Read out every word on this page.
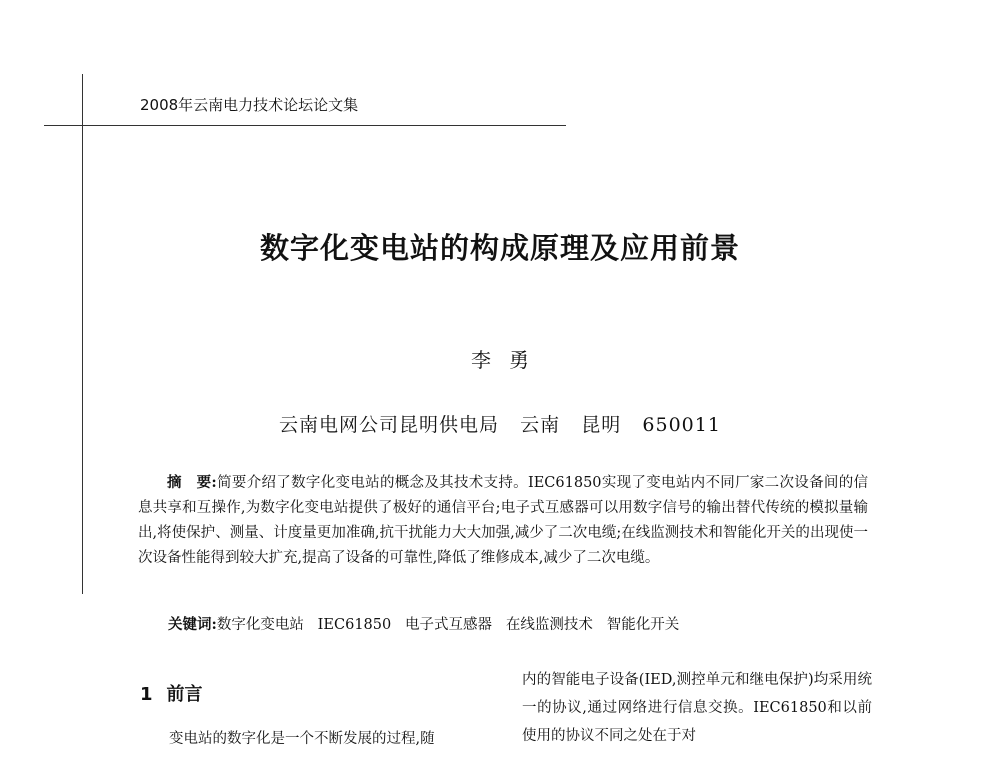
2008年云南电力技术论坛论文集
数字化变电站的构成原理及应用前景
李勇
云南电网公司昆明供电局   云南   昆明   650011

摘　要:简要介绍了数字化变电站的概念及其技术支持。IEC61850实现了变电站内不同厂家二次设备间的信息共享和互操作,为数字化变电站提供了极好的通信平台;电子式互感器可以用数字信号的输出替代传统的模拟量输出,将使保护、测量、计度量更加准确,抗干扰能力大大加强,减少了二次电缆;在线监测技术和智能化开关的出现使一次设备性能得到较大扩充,提高了设备的可靠性,降低了维修成本,减少了二次电缆。

关键词:数字化变电站   IEC61850   电子式互感器   在线监测技术   智能化开关
1 前言

变电站的数字化是一个不断发展的过程,随

内的智能电子设备(IED,测控单元和继电保护)均采用统一的协议,通过网络进行信息交换。IEC61850和以前使用的协议不同之处在于对
